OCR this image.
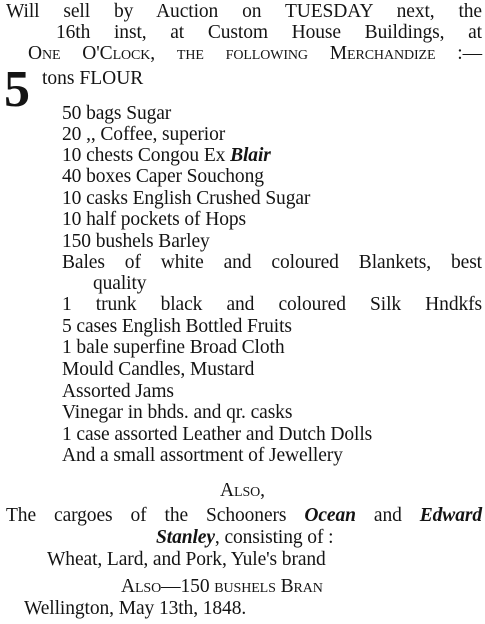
Will sell by Auction on TUESDAY next, the
16th inst, at Custom House Buildings, at
One O'Clock, the following Merchandize :—
5 tons FLOUR
50 bags Sugar
20 ,, Coffee, superior
10 chests Congou Ex Blair
40 boxes Caper Souchong
10 casks English Crushed Sugar
10 half pockets of Hops
150 bushels Barley
Bales of white and coloured Blankets, best
quality
1 trunk black and coloured Silk Hndkfs
5 cases English Bottled Fruits
1 bale superfine Broad Cloth
Mould Candles, Mustard
Assorted Jams
Vinegar in bhds. and qr. casks
1 case assorted Leather and Dutch Dolls
And a small assortment of Jewellery
Also,
The cargoes of the Schooners Ocean and Edward
Stanley, consisting of :
Wheat, Lard, and Pork, Yule's brand
Also—150 bushels Bran
Wellington, May 13th, 1848.
